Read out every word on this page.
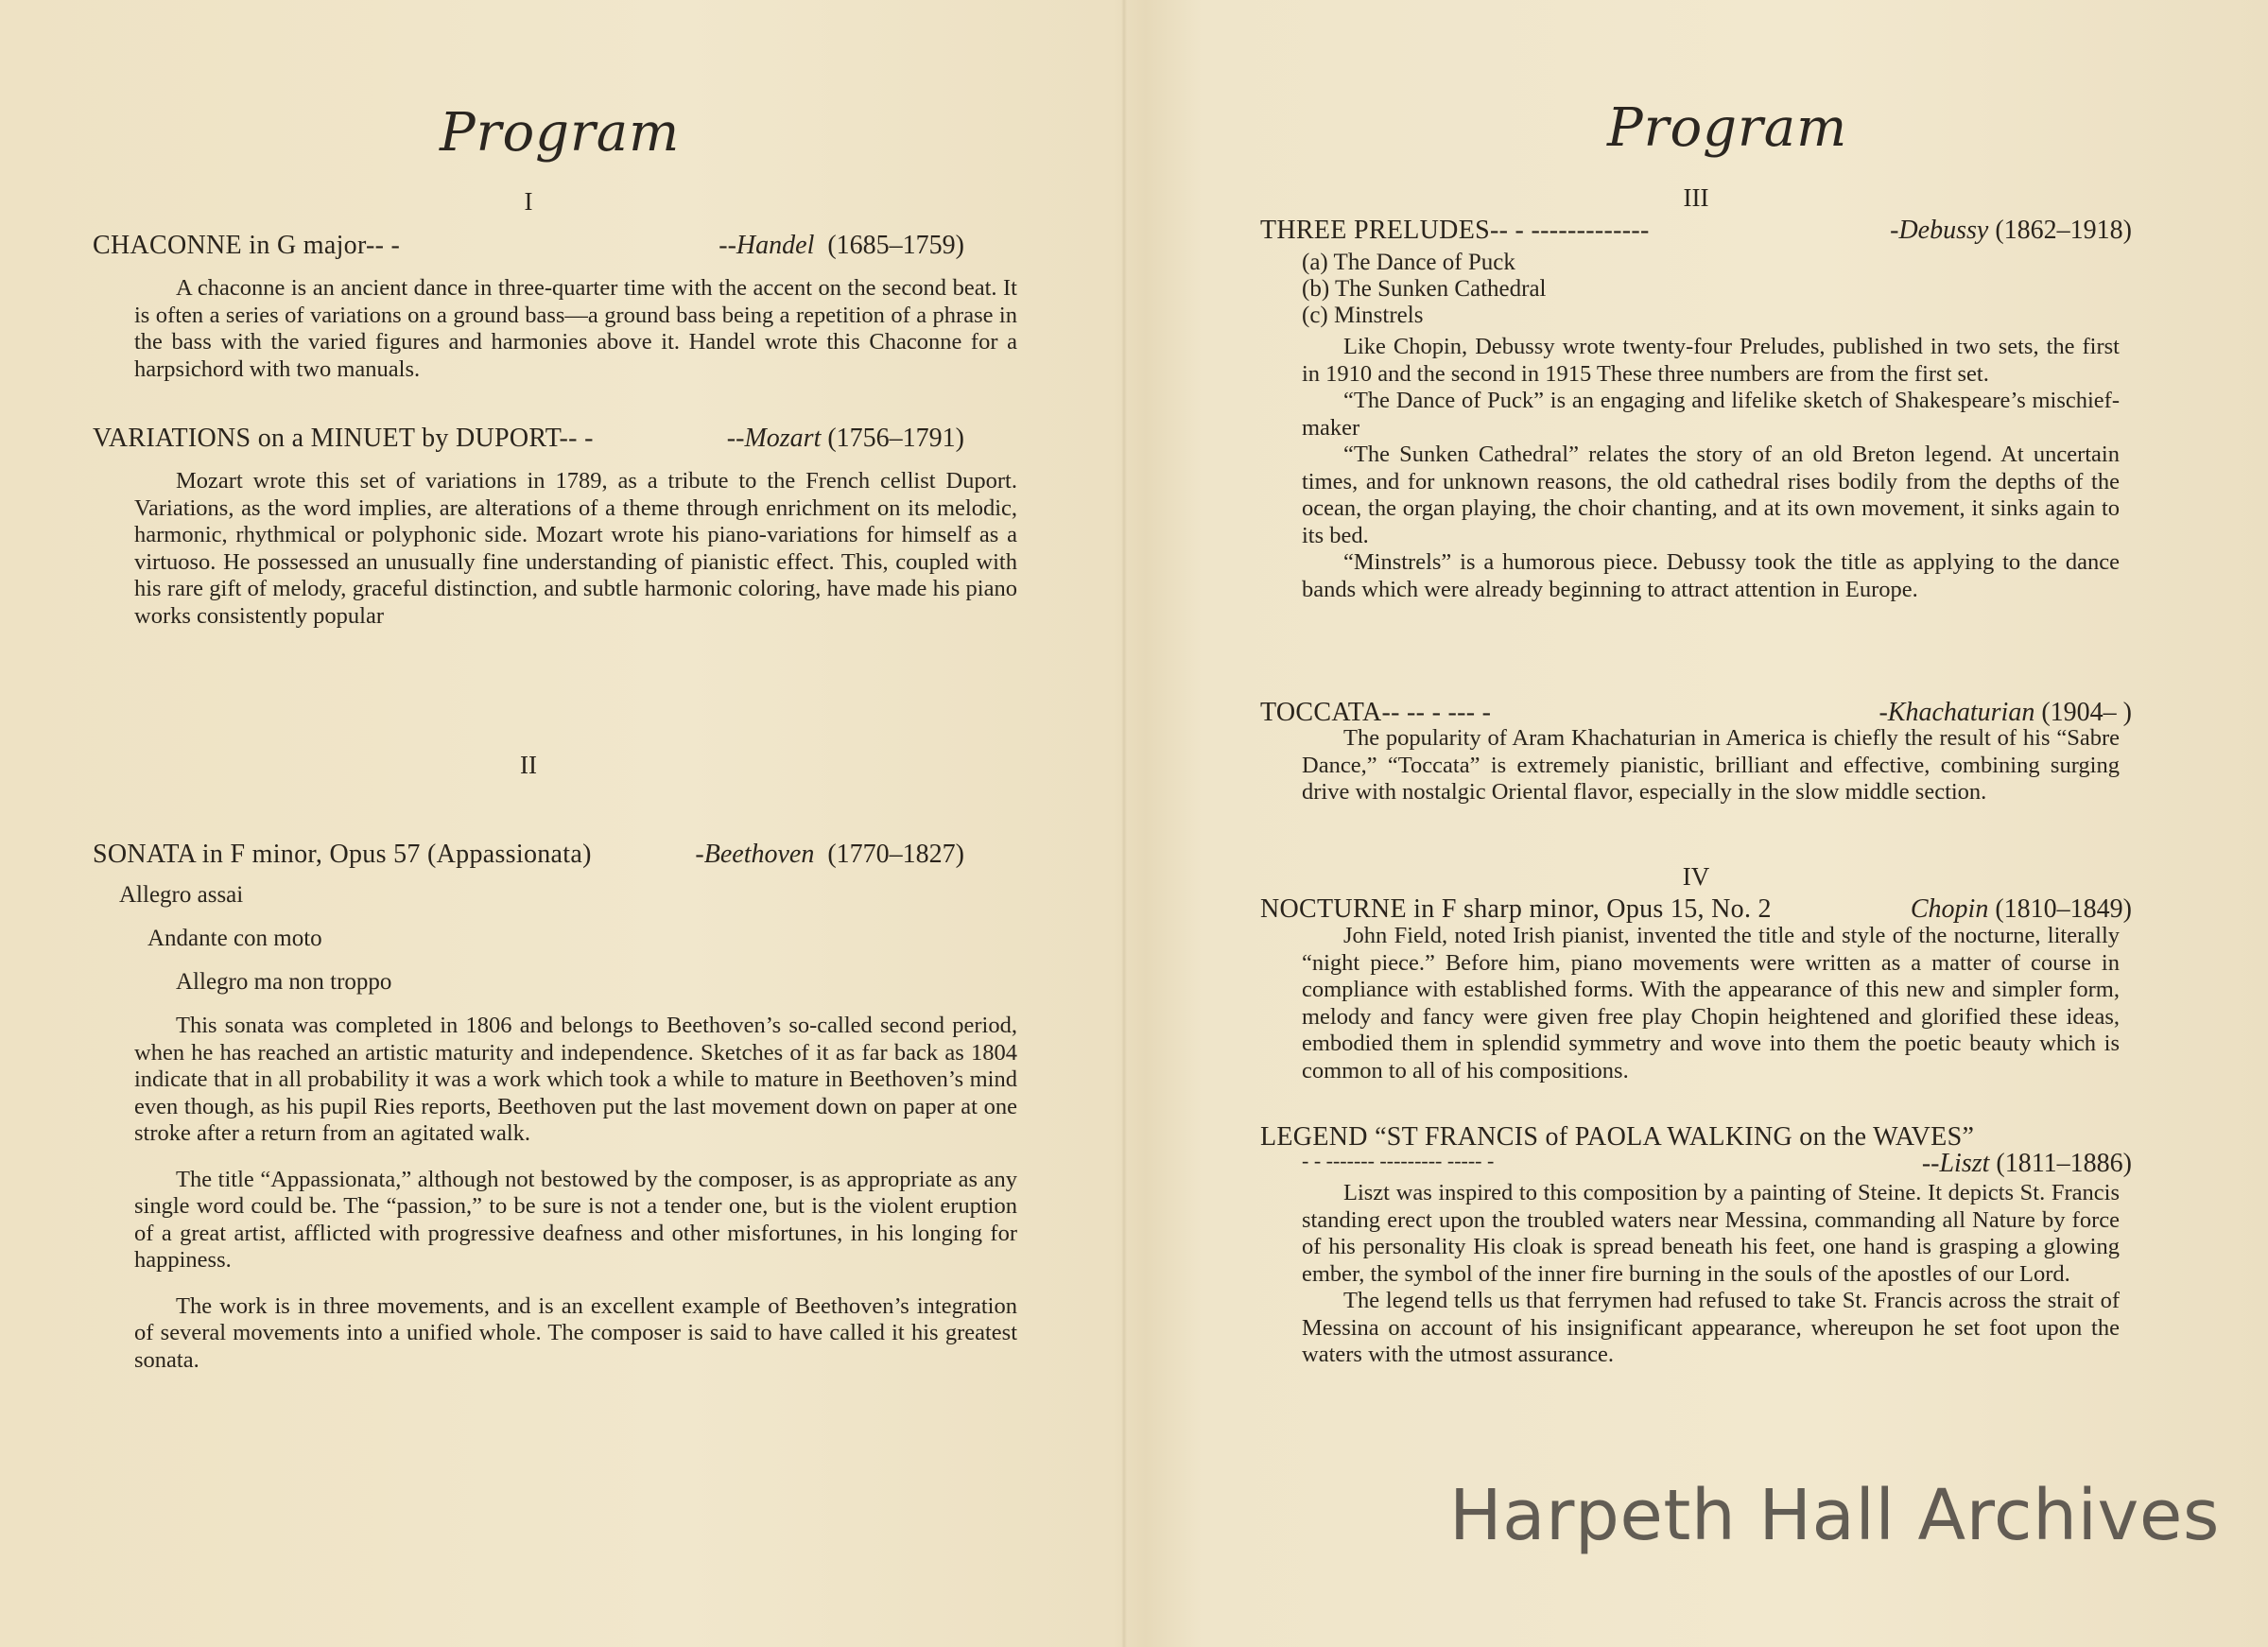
Program
I
CHACONNE in G major-- -	--Handel (1685–1759)

A chaconne is an ancient dance in three-quarter time with the accent on the second beat. It is often a series of variations on a ground bass—a ground bass being a repetition of a phrase in the bass with the varied figures and harmonies above it. Handel wrote this Chaconne for a harpsichord with two manuals.

VARIATIONS on a MINUET by DUPORT-- -	--Mozart (1756–1791)

Mozart wrote this set of variations in 1789, as a tribute to the French cellist Duport. Variations, as the word implies, are alterations of a theme through enrichment on its melodic, harmonic, rhythmical or polyphonic side. Mozart wrote his piano-variations for himself as a virtuoso. He possessed an unusually fine understanding of pianistic effect. This, coupled with his rare gift of melody, graceful distinction, and subtle harmonic coloring, have made his piano works consistently popular

II
SONATA in F minor, Opus 57 (Appassionata)	-Beethoven (1770–1827)
Allegro assai
Andante con moto
Allegro ma non troppo

This sonata was completed in 1806 and belongs to Beethoven’s so-called second period, when he has reached an artistic maturity and independence. Sketches of it as far back as 1804 indicate that in all probability it was a work which took a while to mature in Beethoven’s mind even though, as his pupil Ries reports, Beethoven put the last movement down on paper at one stroke after a return from an agitated walk.

The title “Appassionata,” although not bestowed by the composer, is as appropriate as any single word could be. The “passion,” to be sure is not a tender one, but is the violent eruption of a great artist, afflicted with progressive deafness and other misfortunes, in his longing for happiness.

The work is in three movements, and is an excellent example of Beethoven’s integration of several movements into a unified whole. The composer is said to have called it his greatest sonata.

Program
III
THREE PRELUDES-- - -------------	-Debussy (1862–1918)
(a) The Dance of Puck
(b) The Sunken Cathedral
(c) Minstrels

Like Chopin, Debussy wrote twenty-four Preludes, published in two sets, the first in 1910 and the second in 1915 These three numbers are from the first set.

“The Dance of Puck” is an engaging and lifelike sketch of Shakespeare’s mischief-maker

“The Sunken Cathedral” relates the story of an old Breton legend. At uncertain times, and for unknown reasons, the old cathedral rises bodily from the depths of the ocean, the organ playing, the choir chanting, and at its own movement, it sinks again to its bed.

“Minstrels” is a humorous piece. Debussy took the title as applying to the dance bands which were already beginning to attract attention in Europe.

TOCCATA-- -- - --- -	-Khachaturian (1904– )

The popularity of Aram Khachaturian in America is chiefly the result of his “Sabre Dance,” “Toccata” is extremely pianistic, brilliant and effective, combining surging drive with nostalgic Oriental flavor, especially in the slow middle section.

IV
NOCTURNE in F sharp minor, Opus 15, No. 2	Chopin (1810–1849)

John Field, noted Irish pianist, invented the title and style of the nocturne, literally “night piece.” Before him, piano movements were written as a matter of course in compliance with established forms. With the appearance of this new and simpler form, melody and fancy were given free play Chopin heightened and glorified these ideas, embodied them in splendid symmetry and wove into them the poetic beauty which is common to all of his compositions.

LEGEND “ST FRANCIS of PAOLA WALKING on the WAVES”
- - ------- --------- ----- -	--Liszt (1811–1886)

Liszt was inspired to this composition by a painting of Steine. It depicts St. Francis standing erect upon the troubled waters near Messina, commanding all Nature by force of his personality His cloak is spread beneath his feet, one hand is grasping a glowing ember, the symbol of the inner fire burning in the souls of the apostles of our Lord.

The legend tells us that ferrymen had refused to take St. Francis across the strait of Messina on account of his insignificant appearance, whereupon he set foot upon the waters with the utmost assurance.

Harpeth Hall Archives
